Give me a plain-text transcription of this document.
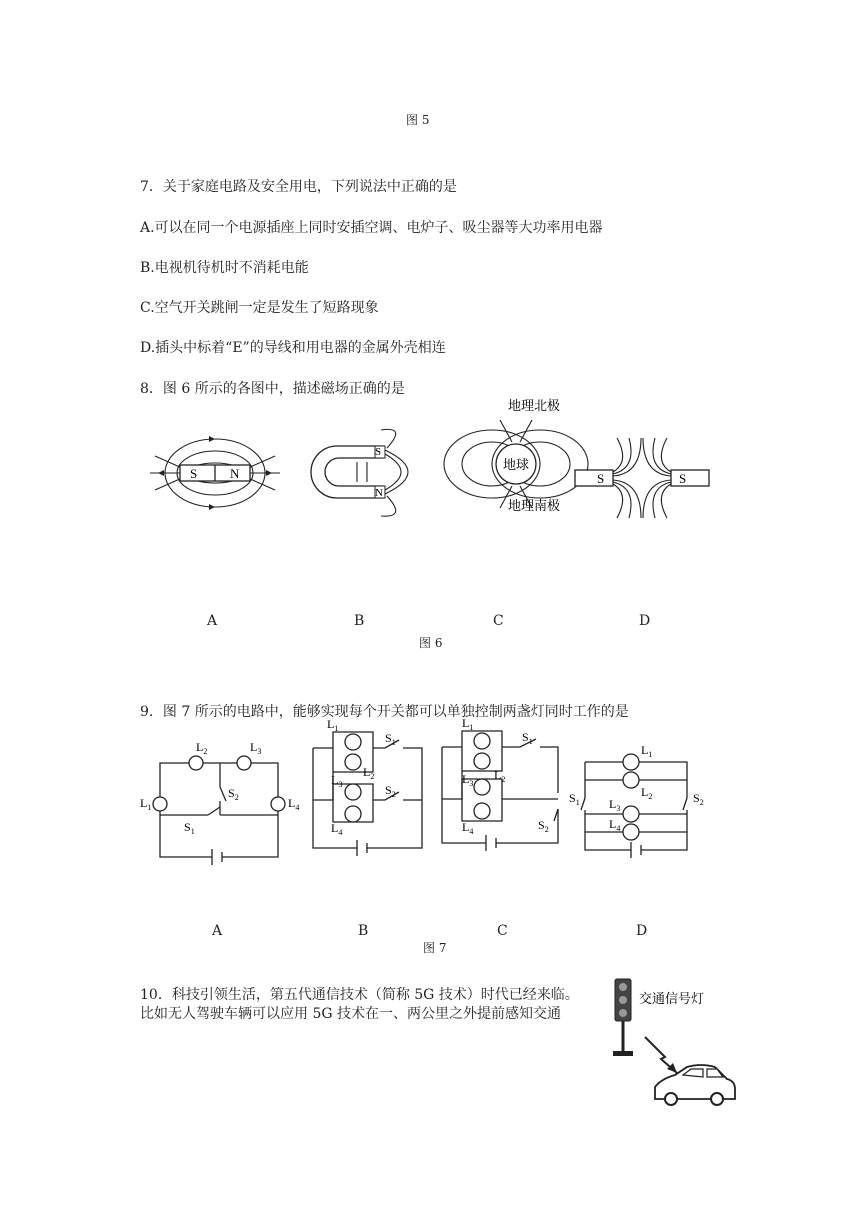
图 5
7．关于家庭电路及安全用电，下列说法中正确的是
A.可以在同一个电源插座上同时安插空调、电炉子、吸尘器等大功率用电器
B.电视机待机时不消耗电能
C.空气开关跳闸一定是发生了短路现象
D.插头中标着“E”的导线和用电器的金属外壳相连
8．图 6 所示的各图中，描述磁场正确的是
S	N
S
N
地球
地理北极
地理南极
S	S
A	B	C	D
图 6
9．图 7 所示的电路中，能够实现每个开关都可以单独控制两盏灯同时工作的是
$L_2$	$L_3$
$L_1$	$L_4$
$S_2$
$S_1$
$L_1$
$L_2$
$L_3$
$L_4$
$S_1$
$S_2$
$L_1$
$L_2$
$L_3$
$L_4$
$S_1$
$S_2$
$L_1$
$L_2$
$L_3$
$L_4$
$S_1$	$S_2$
A	B	C	D
图 7
10．科技引领生活，第五代通信技术（简称 5G 技术）时代已经来临。
比如无人驾驶车辆可以应用 5G 技术在一、两公里之外提前感知交通
交通信号灯
